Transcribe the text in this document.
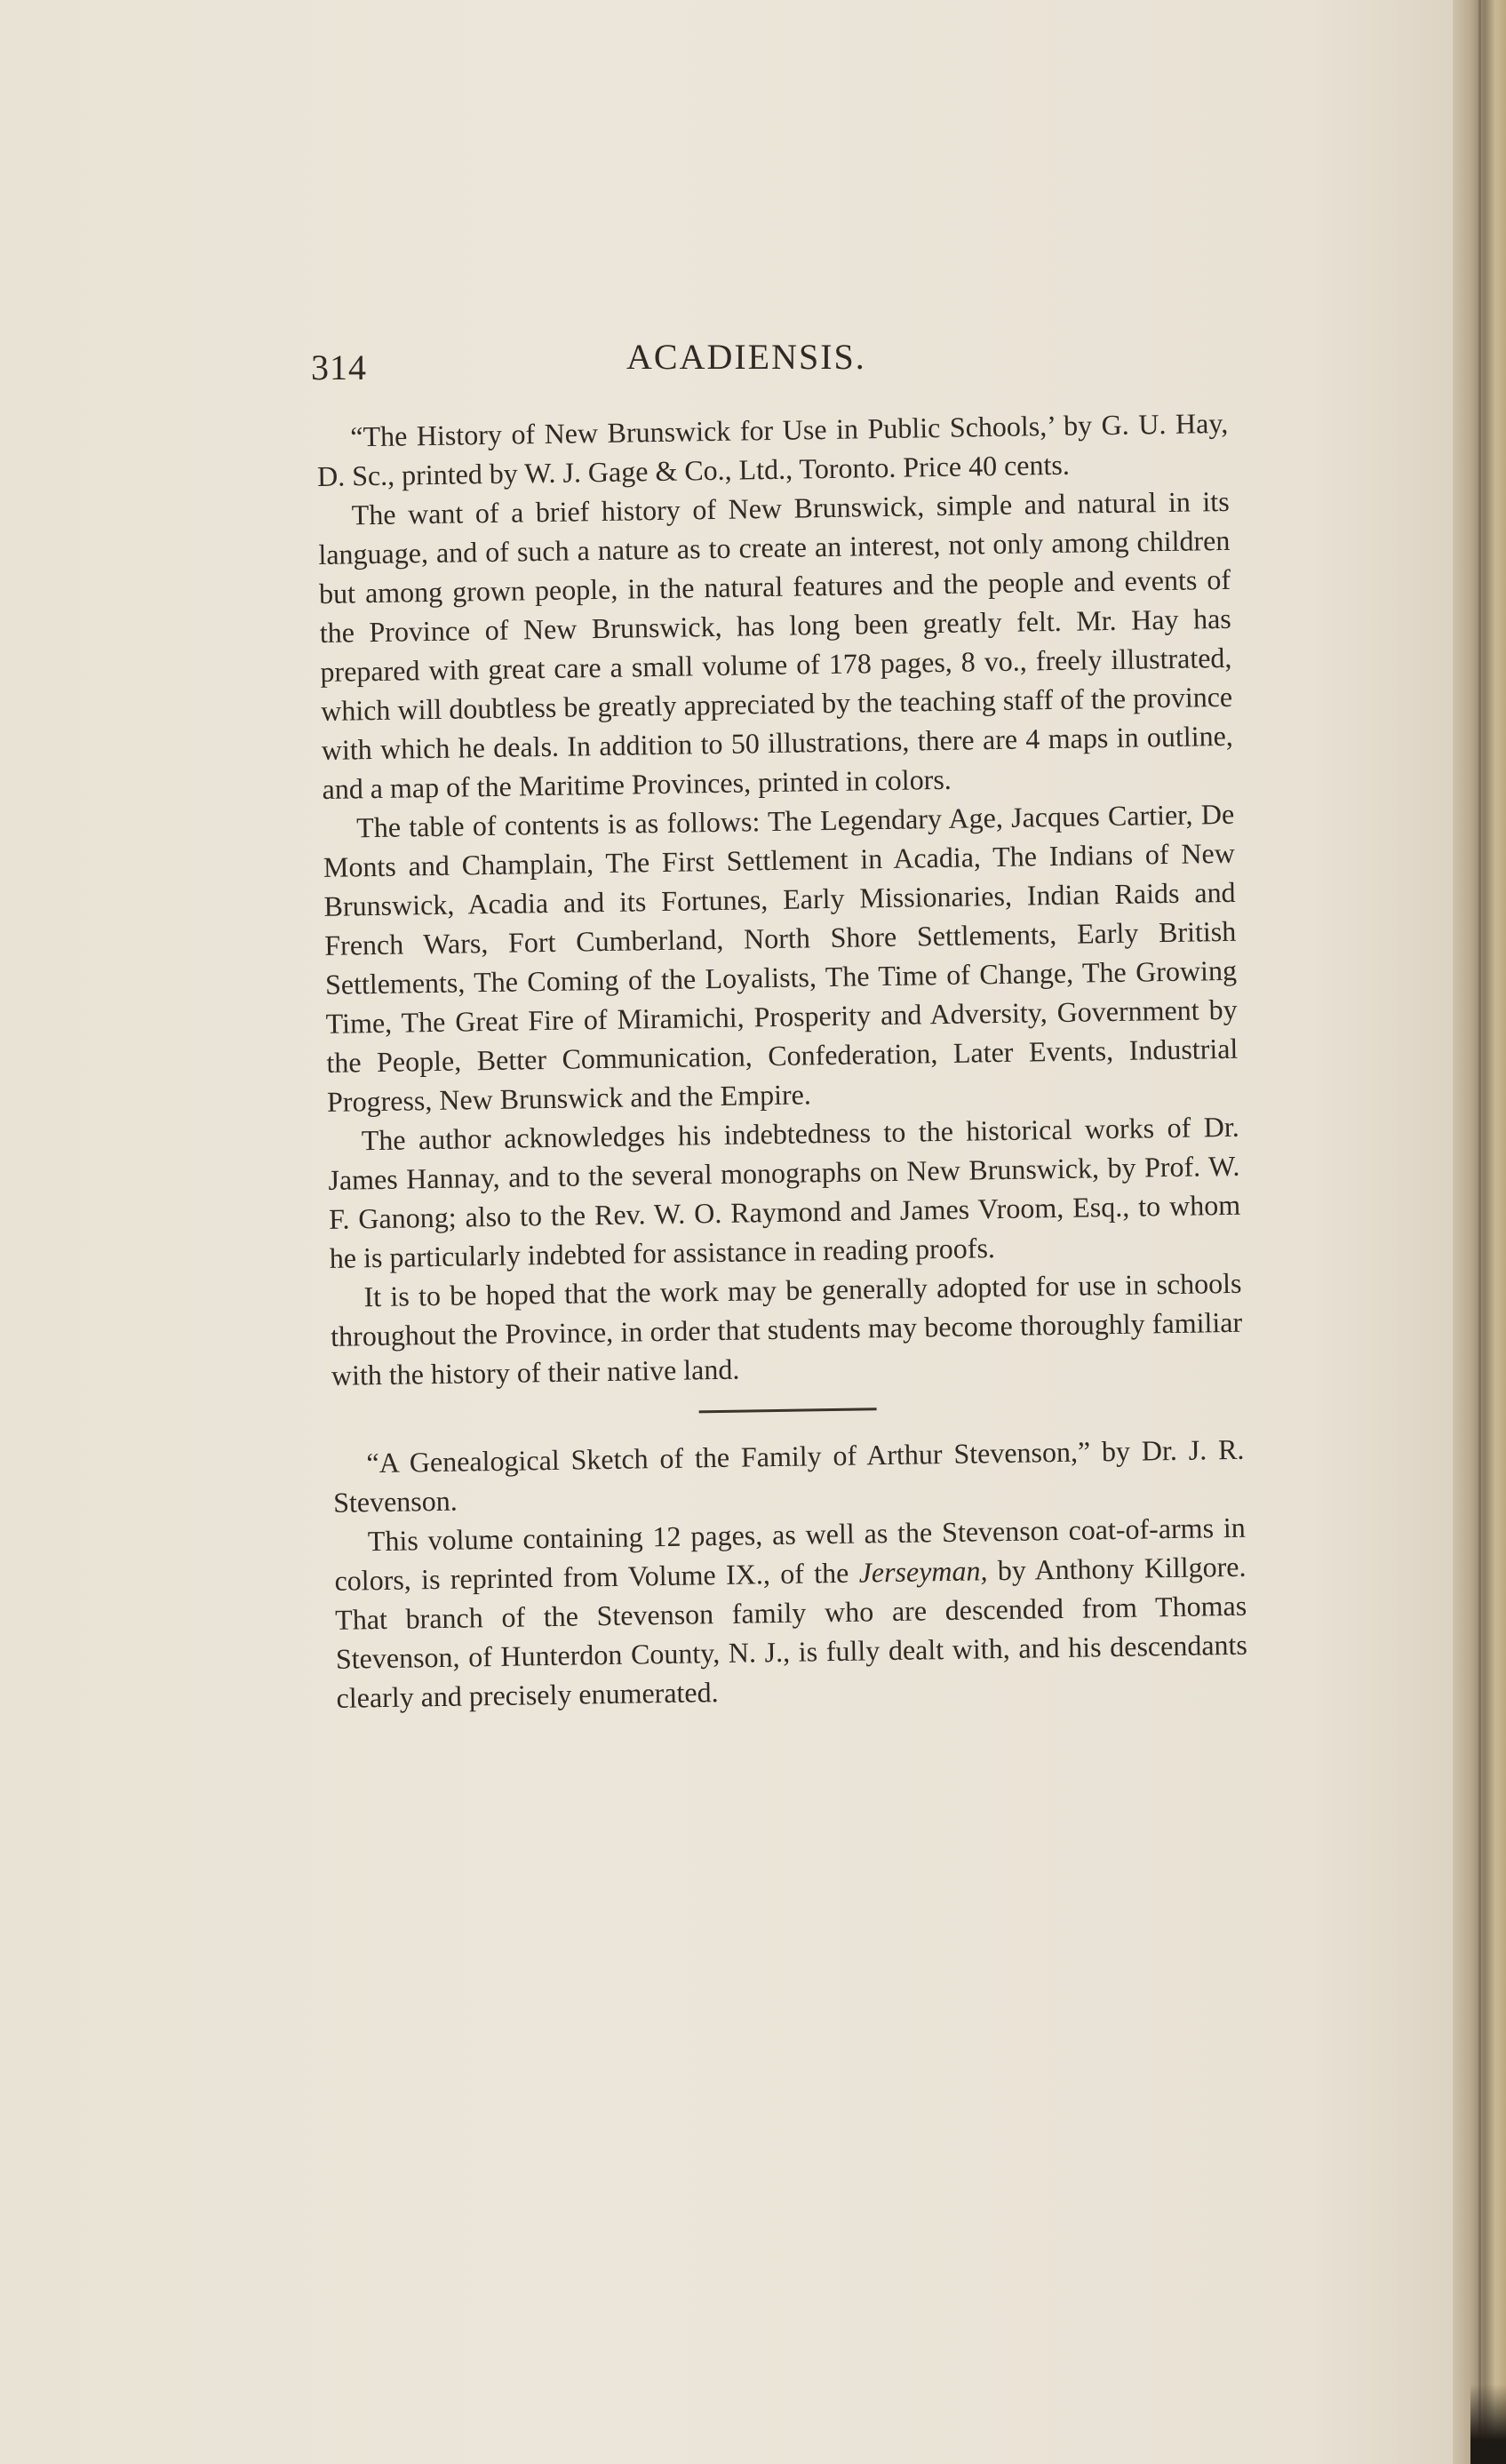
314	ACADIENSIS.

“The History of New Brunswick for Use in Public Schools,’ by G. U. Hay, D. Sc., printed by W. J. Gage & Co., Ltd., Toronto. Price 40 cents.

The want of a brief history of New Brunswick, simple and natural in its language, and of such a nature as to create an interest, not only among children but among grown people, in the natural features and the people and events of the Province of New Brunswick, has long been greatly felt. Mr. Hay has prepared with great care a small volume of 178 pages, 8 vo., freely illustrated, which will doubtless be greatly appreciated by the teaching staff of the province with which he deals. In addition to 50 illustrations, there are 4 maps in outline, and a map of the Maritime Provinces, printed in colors.

The table of contents is as follows: The Legendary Age, Jacques Cartier, De Monts and Champlain, The First Settlement in Acadia, The Indians of New Brunswick, Acadia and its Fortunes, Early Missionaries, Indian Raids and French Wars, Fort Cumberland, North Shore Settlements, Early British Settlements, The Coming of the Loyalists, The Time of Change, The Growing Time, The Great Fire of Miramichi, Prosperity and Adversity, Government by the People, Better Communication, Confederation, Later Events, Industrial Progress, New Brunswick and the Empire.

The author acknowledges his indebtedness to the historical works of Dr. James Hannay, and to the several monographs on New Brunswick, by Prof. W. F. Ganong; also to the Rev. W. O. Raymond and James Vroom, Esq., to whom he is particularly indebted for assistance in reading proofs.

It is to be hoped that the work may be generally adopted for use in schools throughout the Province, in order that students may become thoroughly familiar with the history of their native land.

“A Genealogical Sketch of the Family of Arthur Stevenson,” by Dr. J. R. Stevenson.

This volume containing 12 pages, as well as the Stevenson coat-of-arms in colors, is reprinted from Volume IX., of the Jerseyman, by Anthony Killgore. That branch of the Stevenson family who are descended from Thomas Stevenson, of Hunterdon County, N. J., is fully dealt with, and his descendants clearly and precisely enumerated.
